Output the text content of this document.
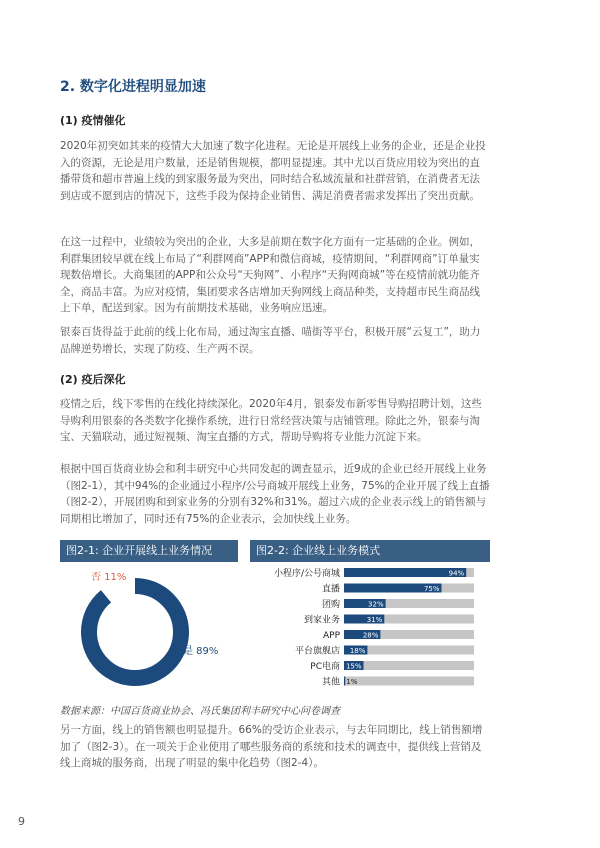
2. 数字化进程明显加速
(1) 疫情催化

2020年初突如其来的疫情大大加速了数字化进程。无论是开展线上业务的企业，还是企业投入的资源，无论是用户数量，还是销售规模，都明显提速。其中尤以百货应用较为突出的直播带货和超市普遍上线的到家服务最为突出，同时结合私域流量和社群营销，在消费者无法到店或不愿到店的情况下，这些手段为保持企业销售、满足消费者需求发挥出了突出贡献。

在这一过程中，业绩较为突出的企业，大多是前期在数字化方面有一定基础的企业。例如，利群集团较早就在线上布局了“利群网商”APP和微信商城，疫情期间，“利群网商”订单量实现数倍增长。大商集团的APP和公众号“天狗网”、小程序“天狗网商城”等在疫情前就功能齐全，商品丰富。为应对疫情，集团要求各店增加天狗网线上商品种类，支持超市民生商品线上下单，配送到家。因为有前期技术基础，业务响应迅速。

银泰百货得益于此前的线上化布局，通过淘宝直播、喵街等平台，积极开展“云复工”，助力品牌逆势增长，实现了防疫、生产两不误。

(2) 疫后深化

疫情之后，线下零售的在线化持续深化。2020年4月，银泰发布新零售导购招聘计划，这些导购利用银泰的各类数字化操作系统，进行日常经营决策与店铺管理。除此之外，银泰与淘宝、天猫联动，通过短视频、淘宝直播的方式，帮助导购将专业能力沉淀下来。

根据中国百货商业协会和利丰研究中心共同发起的调查显示，近9成的企业已经开展线上业务（图2-1），其中94%的企业通过小程序/公号商城开展线上业务，75%的企业开展了线上直播（图2-2），开展团购和到家业务的分别有32%和31%。超过六成的企业表示线上的销售额与同期相比增加了，同时还有75%的企业表示，会加快线上业务。

图2-1: 企业开展线上业务情况
是 89%
否 11%
图2-2: 企业线上业务模式
小程序/公号商城	94%
直播	75%
团购	32%
到家业务	31%
APP	28%
平台旗舰店 18%
PC电商 15%
其他 1%
数据来源：中国百货商业协会、冯氏集团利丰研究中心问卷调查

另一方面，线上的销售额也明显提升。66%的受访企业表示，与去年同期比，线上销售额增加了（图2-3）。在一项关于企业使用了哪些服务商的系统和技术的调查中，提供线上营销及线上商城的服务商，出现了明显的集中化趋势（图2-4）。

9
